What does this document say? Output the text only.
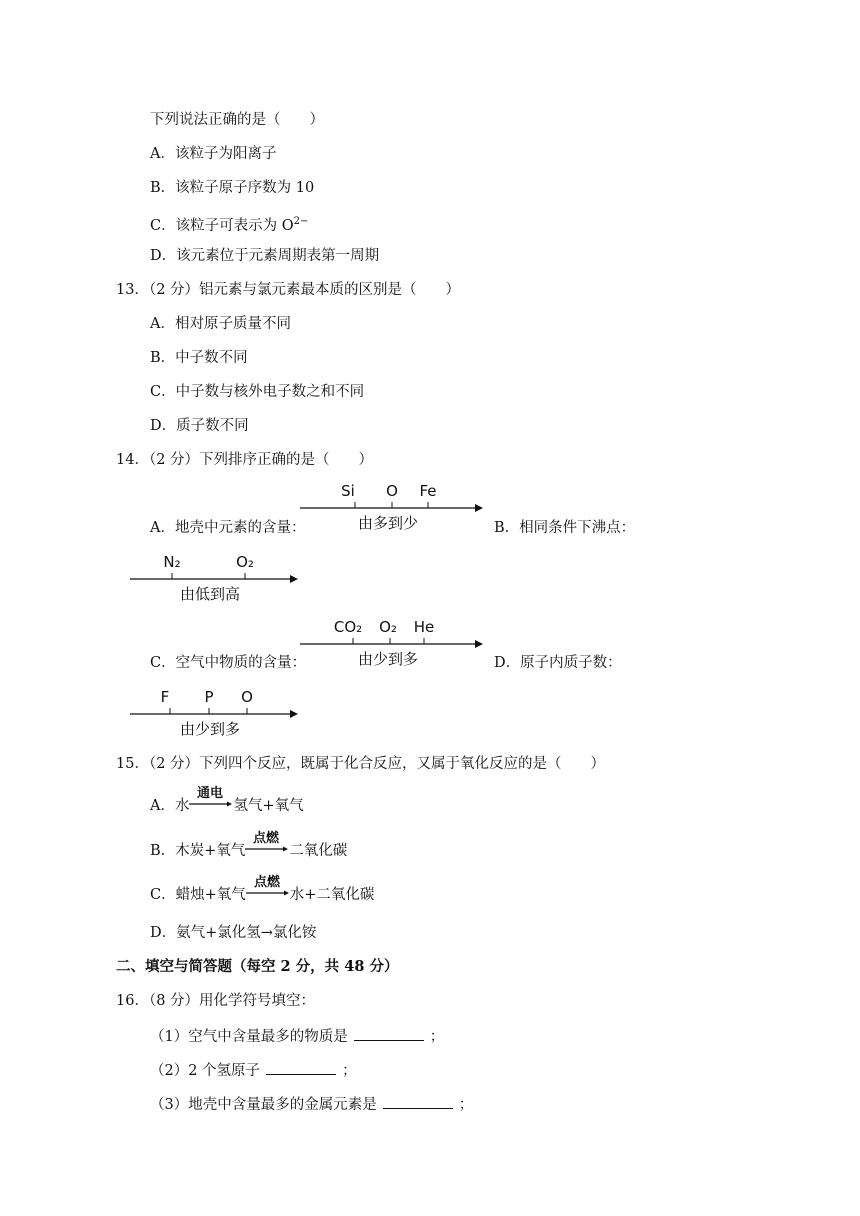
下列说法正确的是（　　）
A．该粒子为阳离子
B．该粒子原子序数为 10
C．该粒子可表示为 $O^{2-}$
D．该元素位于元素周期表第一周期
13．（2 分）铝元素与氯元素最本质的区别是（　　）
A．相对原子质量不同
B．中子数不同
C．中子数与核外电子数之和不同
D．质子数不同
14．（2 分）下列排序正确的是（　　）
A．地壳中元素的含量：
Si O Fe
由多到少	B．相同条件下沸点：
N₂	O₂
由低到高
C．空气中物质的含量：
CO₂ O₂ He
由少到多	D．原子内质子数：
F P O
由少到多
15．（2 分）下列四个反应，既属于化合反应，又属于氧化反应的是（　　）
A．水
通电
氢气+氧气
B．木炭+氧气
点燃
二氧化碳
C．蜡烛+氧气
点燃
水+二氧化碳
D．氨气+氯化氢→氯化铵
二、填空与简答题（每空 2 分，共 48 分）
16．（8 分）用化学符号填空：
（1）空气中含量最多的物质是	；
（2）2 个氢原子	；
（3）地壳中含量最多的金属元素是	；
